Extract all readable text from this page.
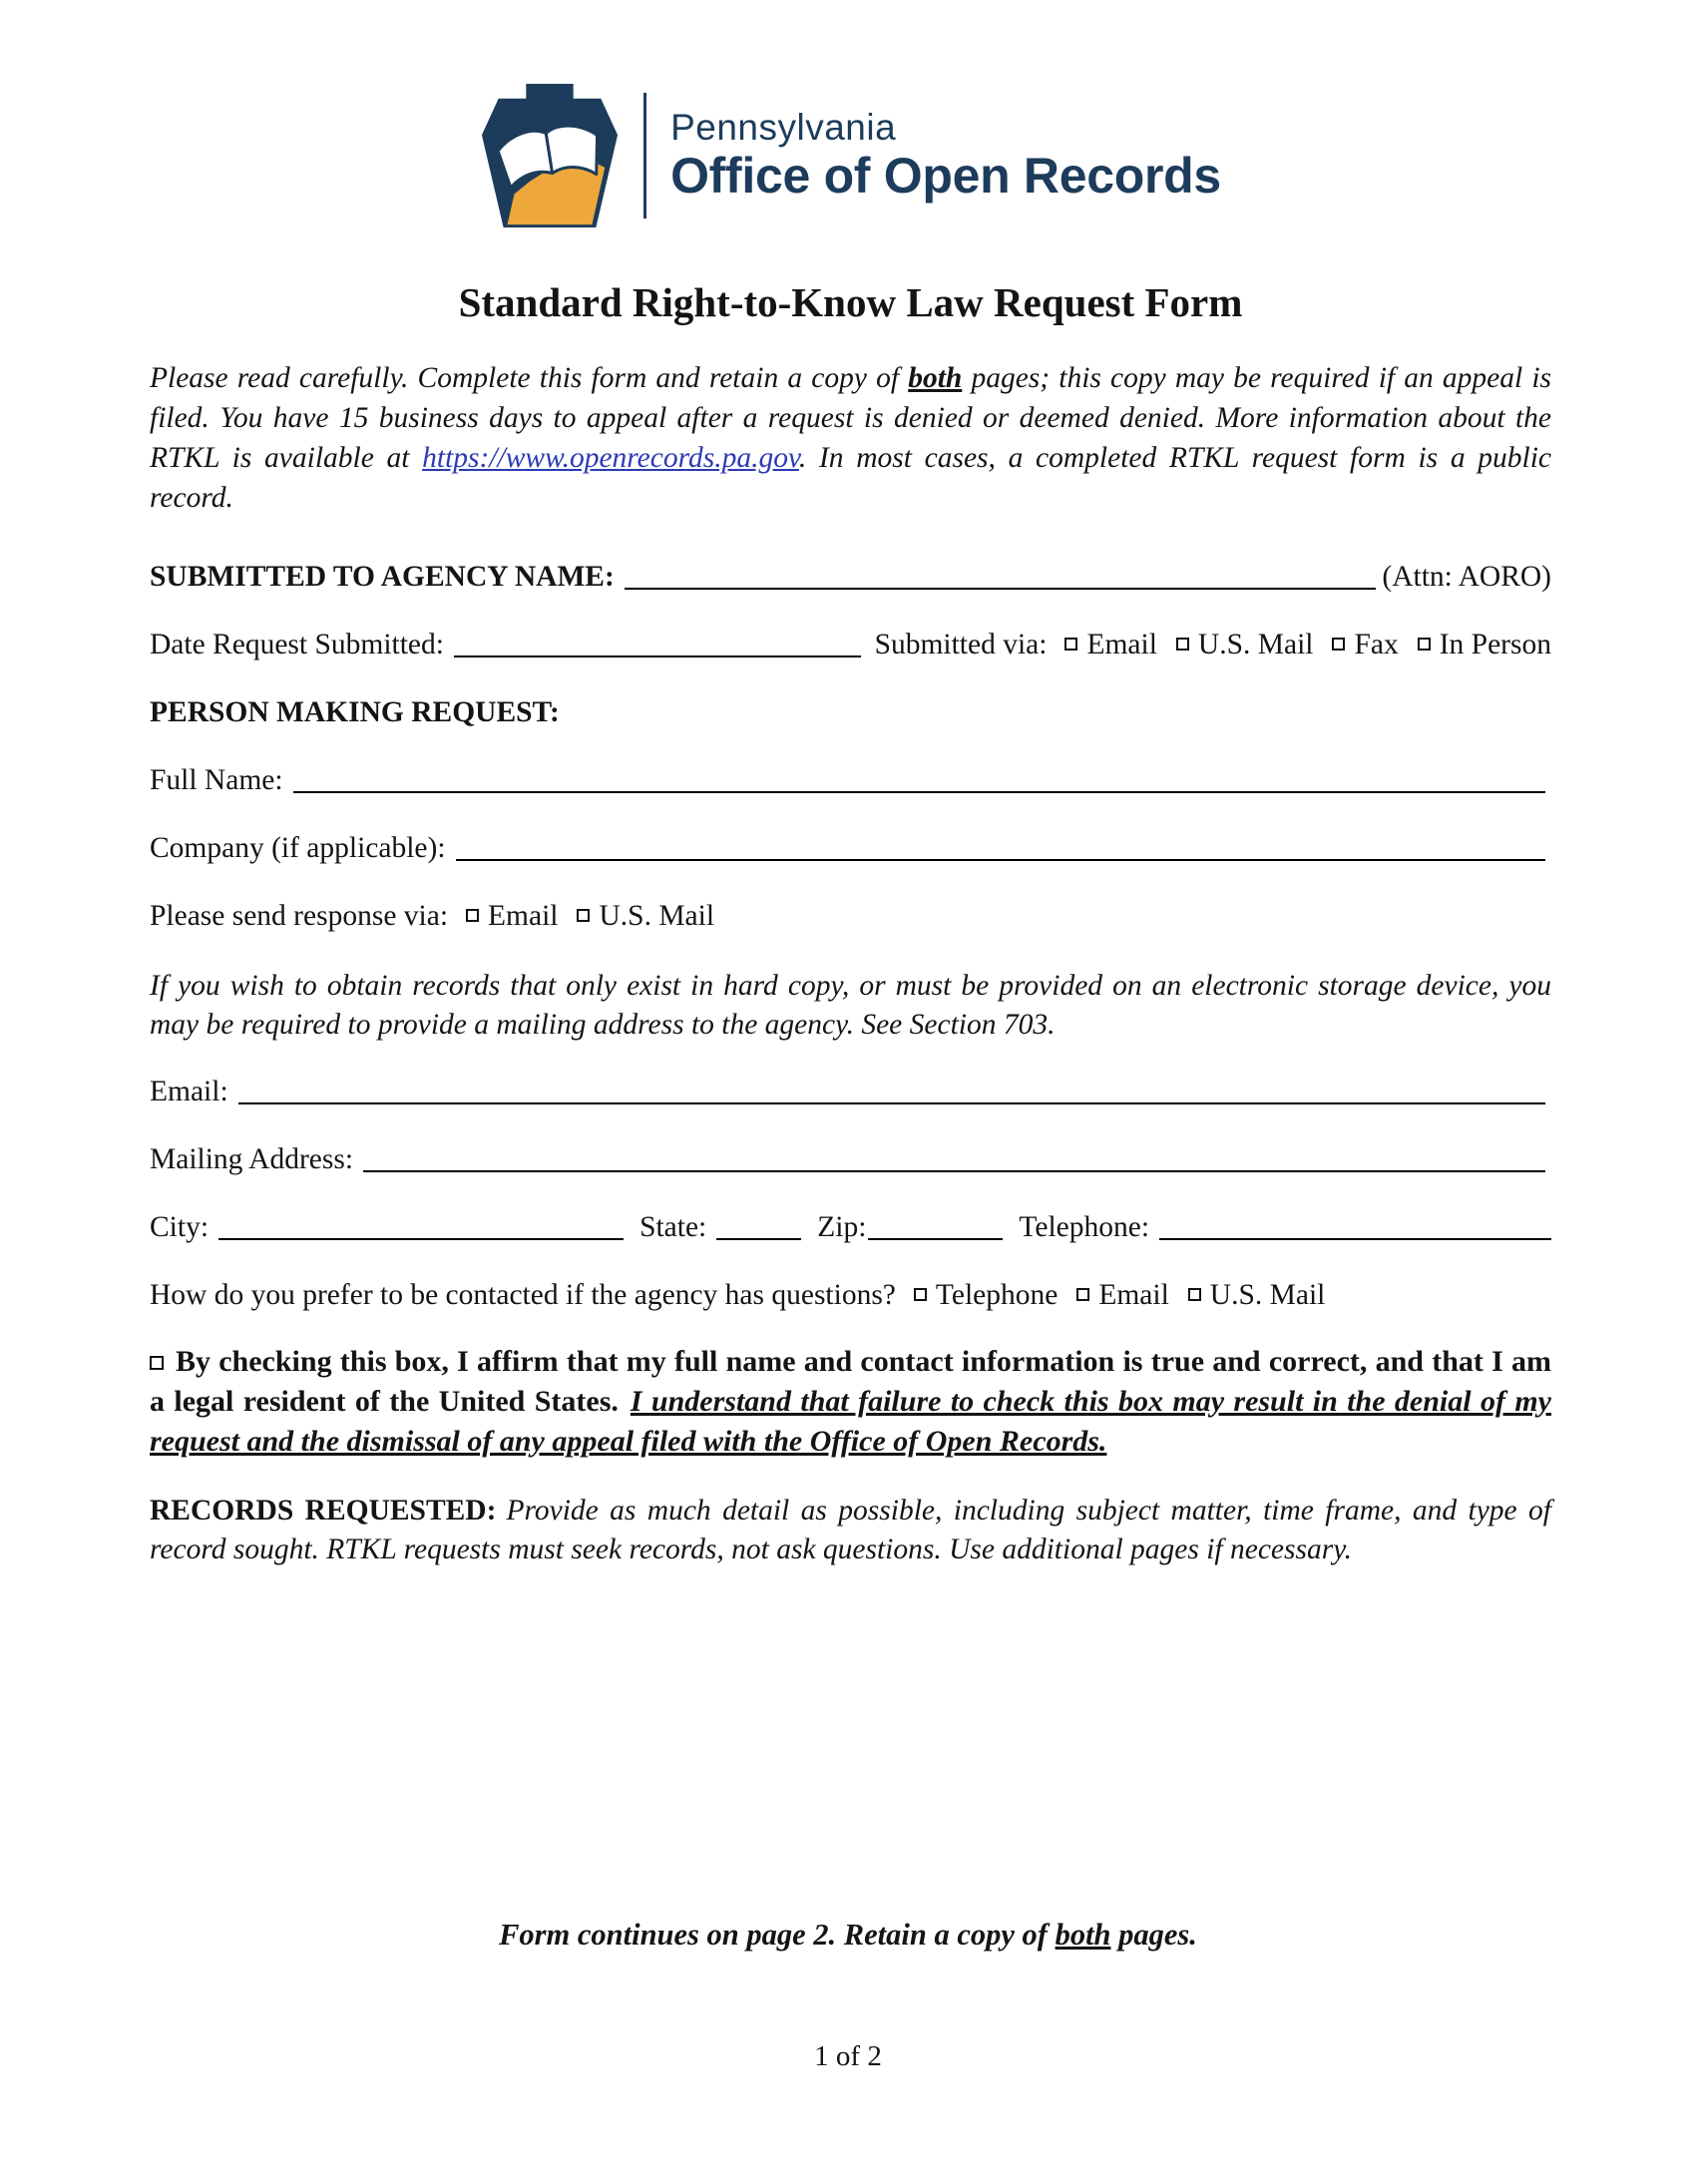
Pennsylvania
Office of Open Records
Standard Right-to-Know Law Request Form

Please read carefully. Complete this form and retain a copy of both pages; this copy may be required if an appeal is filed. You have 15 business days to appeal after a request is denied or deemed denied. More information about the RTKL is available at https://www.openrecords.pa.gov. In most cases, a completed RTKL request form is a public record.

SUBMITTED TO AGENCY NAME:	(Attn: AORO)
Date Request Submitted:	Submitted via: Email U.S. Mail Fax In Person
PERSON MAKING REQUEST:
Full Name:
Company (if applicable):
Please send response via: Email U.S. Mail

If you wish to obtain records that only exist in hard copy, or must be provided on an electronic storage device, you may be required to provide a mailing address to the agency. See Section 703.

Email:
Mailing Address:
City:	State:	Zip:	Telephone:
How do you prefer to be contacted if the agency has questions? Telephone Email U.S. Mail

By checking this box, I affirm that my full name and contact information is true and correct, and that I am a legal resident of the United States. I understand that failure to check this box may result in the denial of my request and the dismissal of any appeal filed with the Office of Open Records.

RECORDS REQUESTED: Provide as much detail as possible, including subject matter, time frame, and type of record sought. RTKL requests must seek records, not ask questions. Use additional pages if necessary.

Form continues on page 2. Retain a copy of both pages.
1 of 2
